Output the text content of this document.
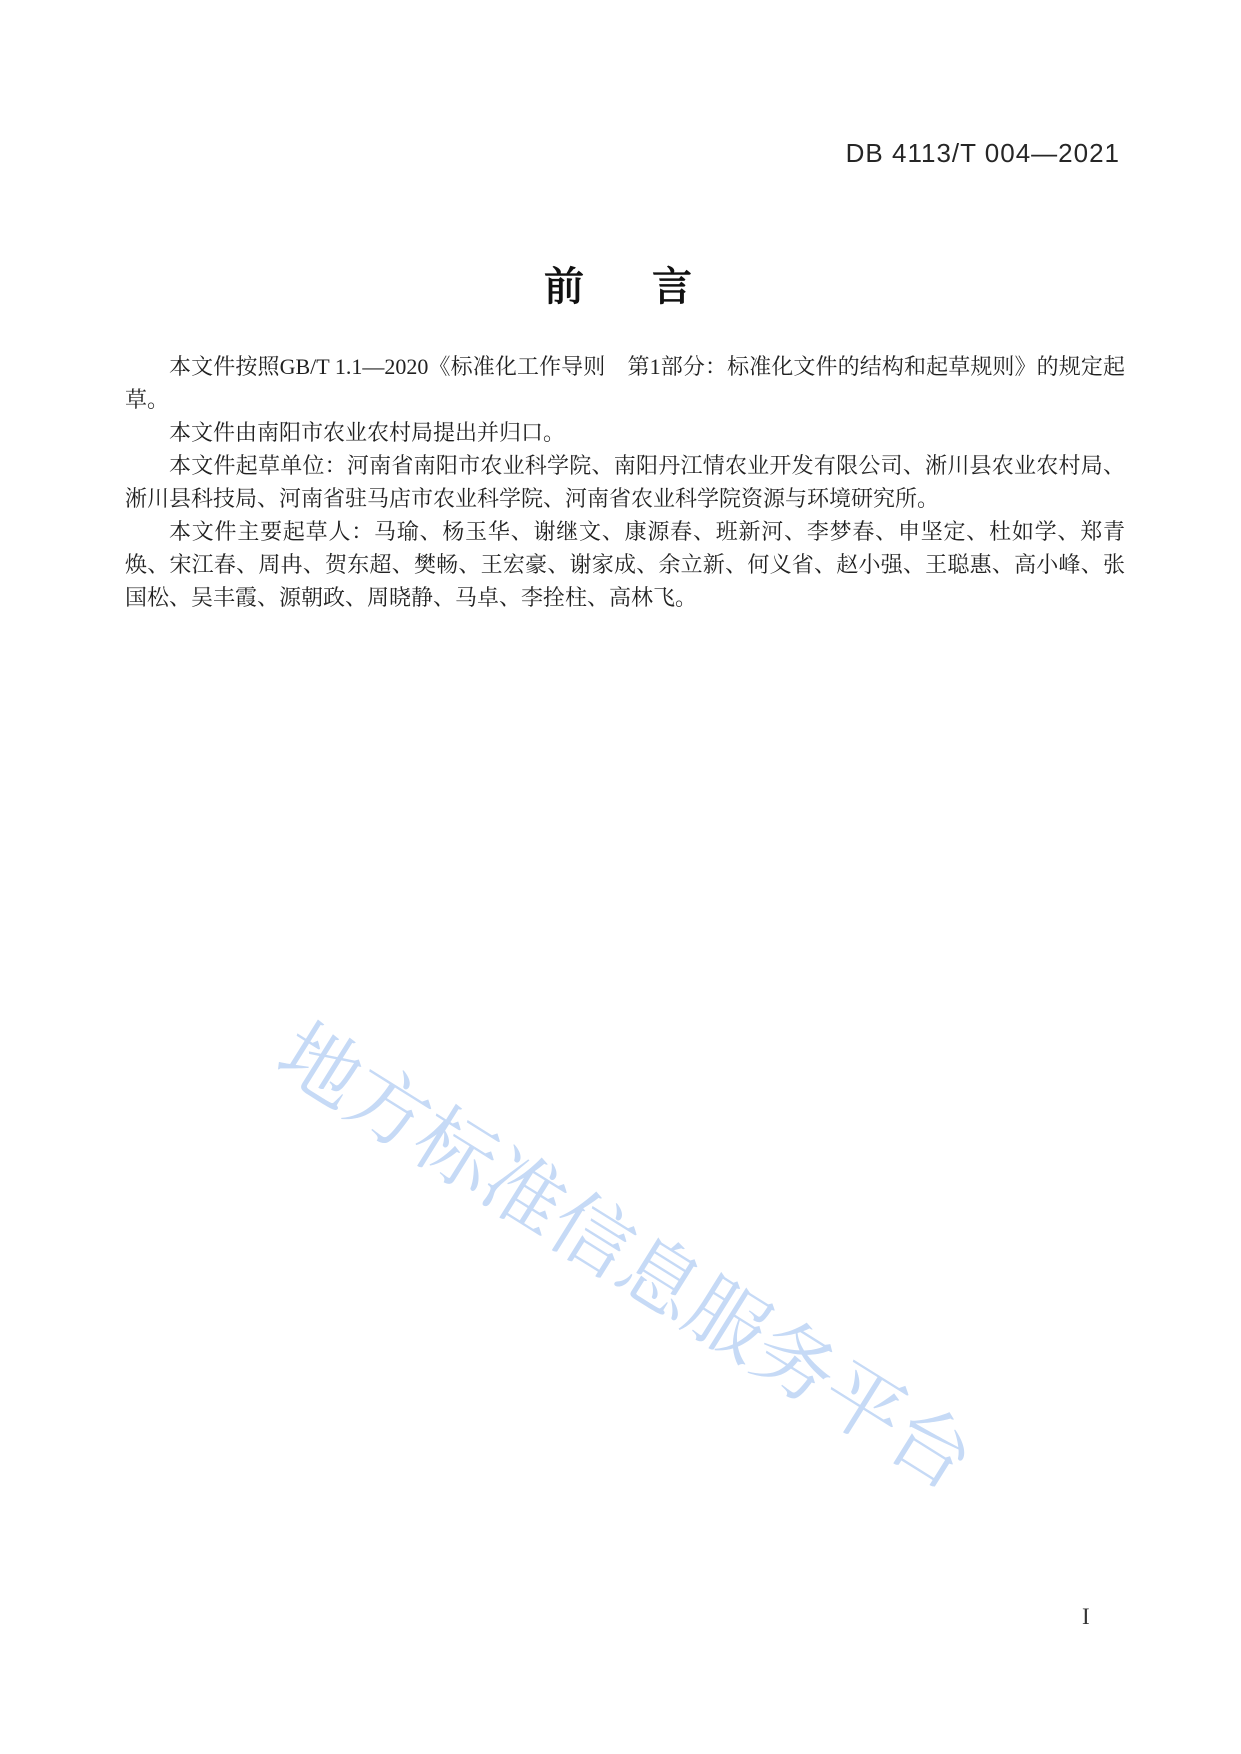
DB 4113/T 004—2021
前　言

本文件按照GB/T 1.1—2020《标准化工作导则　第1部分：标准化文件的结构和起草规则》的规定起草。

本文件由南阳市农业农村局提出并归口。

本文件起草单位：河南省南阳市农业科学院、南阳丹江情农业开发有限公司、淅川县农业农村局、淅川县科技局、河南省驻马店市农业科学院、河南省农业科学院资源与环境研究所。

本文件主要起草人：马瑜、杨玉华、谢继文、康源春、班新河、李梦春、申坚定、杜如学、郑青焕、宋江春、周冉、贺东超、樊畅、王宏豪、谢家成、余立新、何义省、赵小强、王聪惠、高小峰、张国松、吴丰霞、源朝政、周晓静、马卓、李拴柱、高林飞。

地方标准信息服务平台
I
